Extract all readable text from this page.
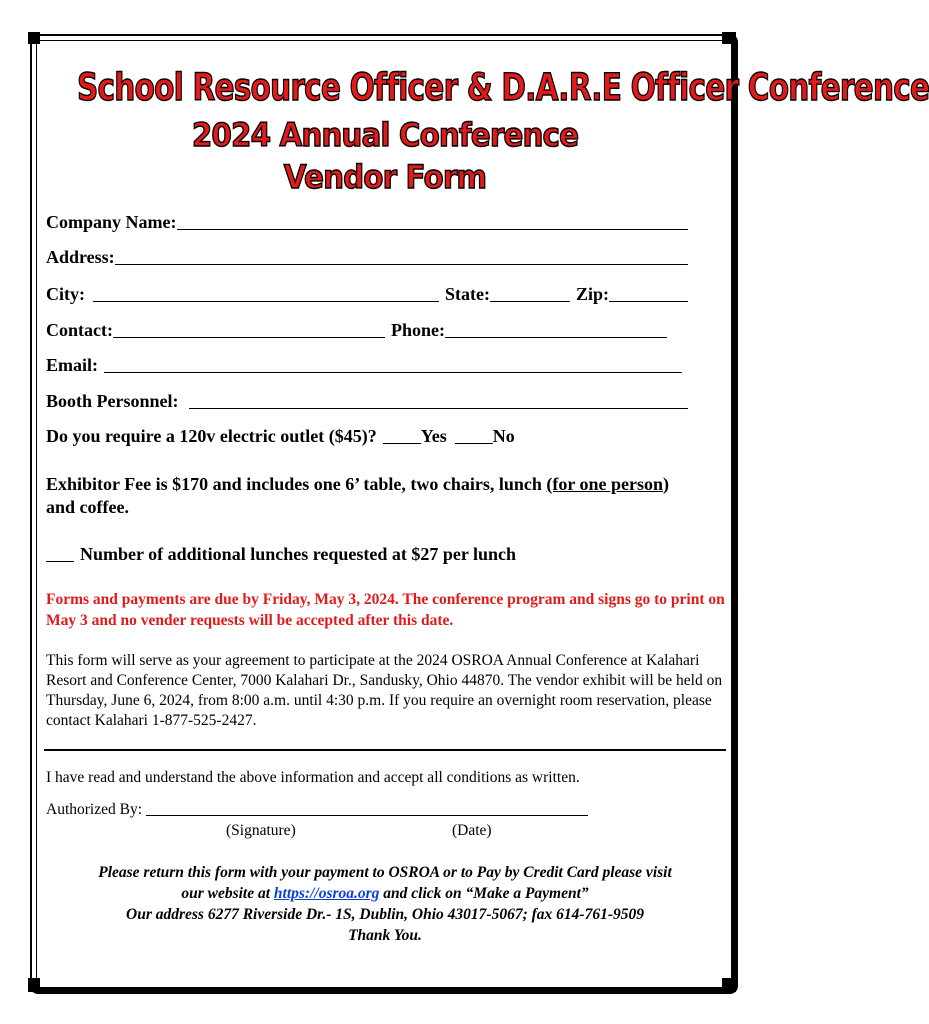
School Resource Officer & D.A.R.E Officer Conference
2024 Annual Conference
Vendor Form
Company Name:
Address:
City:	State:	Zip:
Contact:	Phone:
Email:
Booth Personnel:
Do you require a 120v electric outlet ($45)? Yes	No
Exhibitor Fee is $170 and includes one 6’ table, two chairs, lunch (for one person) and coffee.
Number of additional lunches requested at $27 per lunch
Forms and payments are due by Friday, May 3, 2024. The conference program and signs go to print on May 3 and no vender requests will be accepted after this date.
This form will serve as your agreement to participate at the 2024 OSROA Annual Conference at Kalahari Resort and Conference Center, 7000 Kalahari Dr., Sandusky, Ohio 44870. The vendor exhibit will be held on Thursday, June 6, 2024, from 8:00 a.m. until 4:30 p.m. If you require an overnight room reservation, please contact Kalahari 1-877-525-2427.
I have read and understand the above information and accept all conditions as written.
Authorized By:
(Signature)	(Date)
Please return this form with your payment to OSROA or to Pay by Credit Card please visit
our website at https://osroa.org and click on “Make a Payment”
Our address 6277 Riverside Dr.- 1S, Dublin, Ohio 43017-5067; fax 614-761-9509
Thank You.
